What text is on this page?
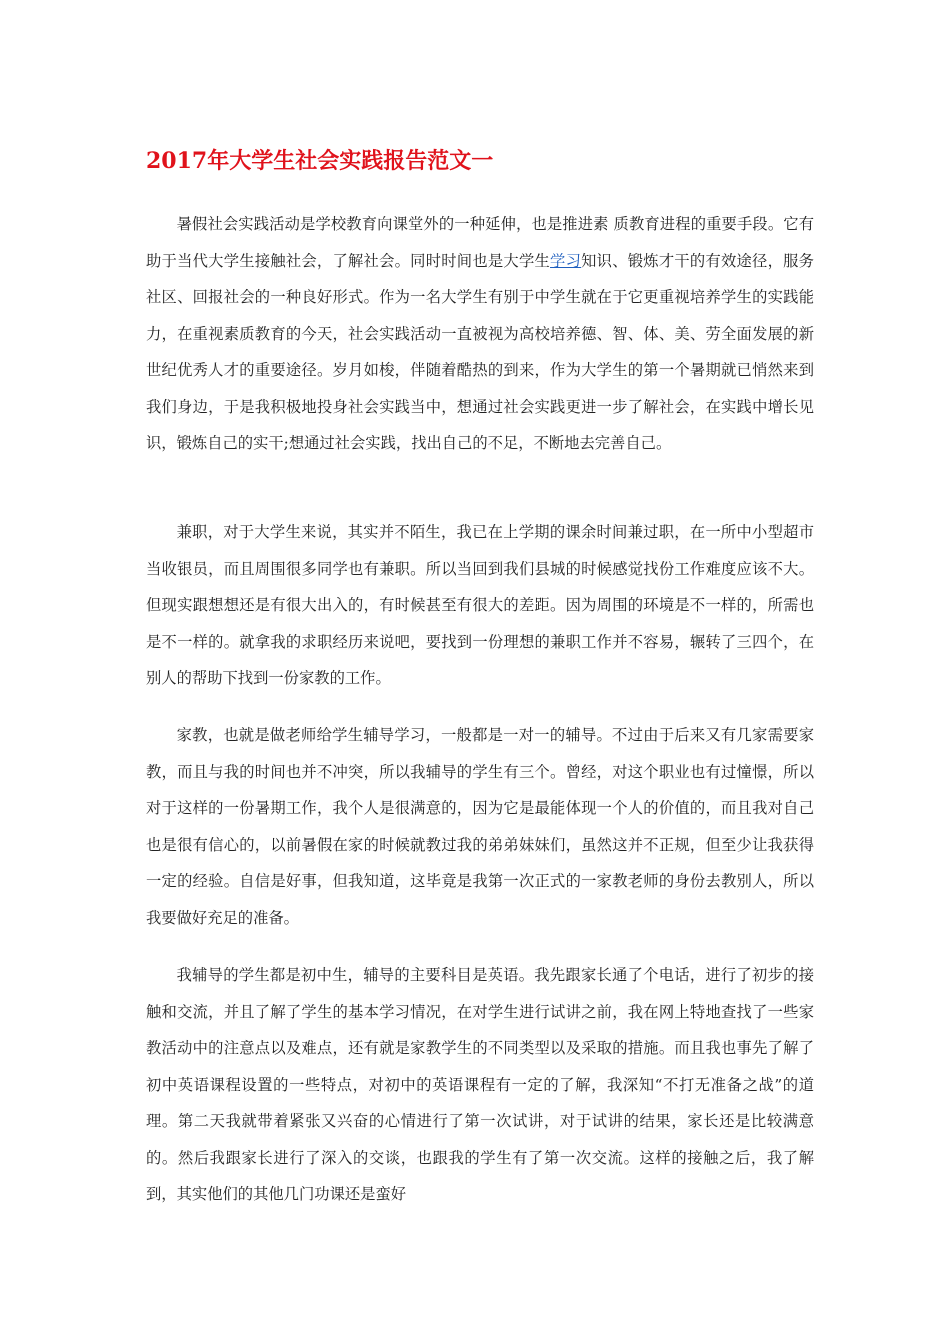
2017年大学生社会实践报告范文一

暑假社会实践活动是学校教育向课堂外的一种延伸，也是推进素 质教育进程的重要手段。它有助于当代大学生接触社会，了解社会。同时时间也是大学生学习知识、锻炼才干的有效途径，服务社区、回报社会的一种良好形式。作为一名大学生有别于中学生就在于它更重视培养学生的实践能力，在重视素质教育的今天，社会实践活动一直被视为高校培养德、智、体、美、劳全面发展的新世纪优秀人才的重要途径。岁月如梭，伴随着酷热的到来，作为大学生的第一个暑期就已悄然来到我们身边，于是我积极地投身社会实践当中，想通过社会实践更进一步了解社会，在实践中增长见识，锻炼自己的实干;想通过社会实践，找出自己的不足，不断地去完善自己。

兼职，对于大学生来说，其实并不陌生，我已在上学期的课余时间兼过职，在一所中小型超市当收银员，而且周围很多同学也有兼职。所以当回到我们县城的时候感觉找份工作难度应该不大。但现实跟想想还是有很大出入的，有时候甚至有很大的差距。因为周围的环境是不一样的，所需也是不一样的。就拿我的求职经历来说吧，要找到一份理想的兼职工作并不容易，辗转了三四个，在别人的帮助下找到一份家教的工作。

家教，也就是做老师给学生辅导学习，一般都是一对一的辅导。不过由于后来又有几家需要家教，而且与我的时间也并不冲突，所以我辅导的学生有三个。曾经，对这个职业也有过憧憬，所以对于这样的一份暑期工作，我个人是很满意的，因为它是最能体现一个人的价值的，而且我对自己也是很有信心的，以前暑假在家的时候就教过我的弟弟妹妹们，虽然这并不正规，但至少让我获得一定的经验。自信是好事，但我知道，这毕竟是我第一次正式的一家教老师的身份去教别人，所以我要做好充足的准备。

我辅导的学生都是初中生，辅导的主要科目是英语。我先跟家长通了个电话，进行了初步的接触和交流，并且了解了学生的基本学习情况，在对学生进行试讲之前，我在网上特地查找了一些家教活动中的注意点以及难点，还有就是家教学生的不同类型以及采取的措施。而且我也事先了解了初中英语课程设置的一些特点，对初中的英语课程有一定的了解，我深知“不打无准备之战”的道理。第二天我就带着紧张又兴奋的心情进行了第一次试讲，对于试讲的结果，家长还是比较满意的。然后我跟家长进行了深入的交谈，也跟我的学生有了第一次交流。这样的接触之后，我了解到，其实他们的其他几门功课还是蛮好
